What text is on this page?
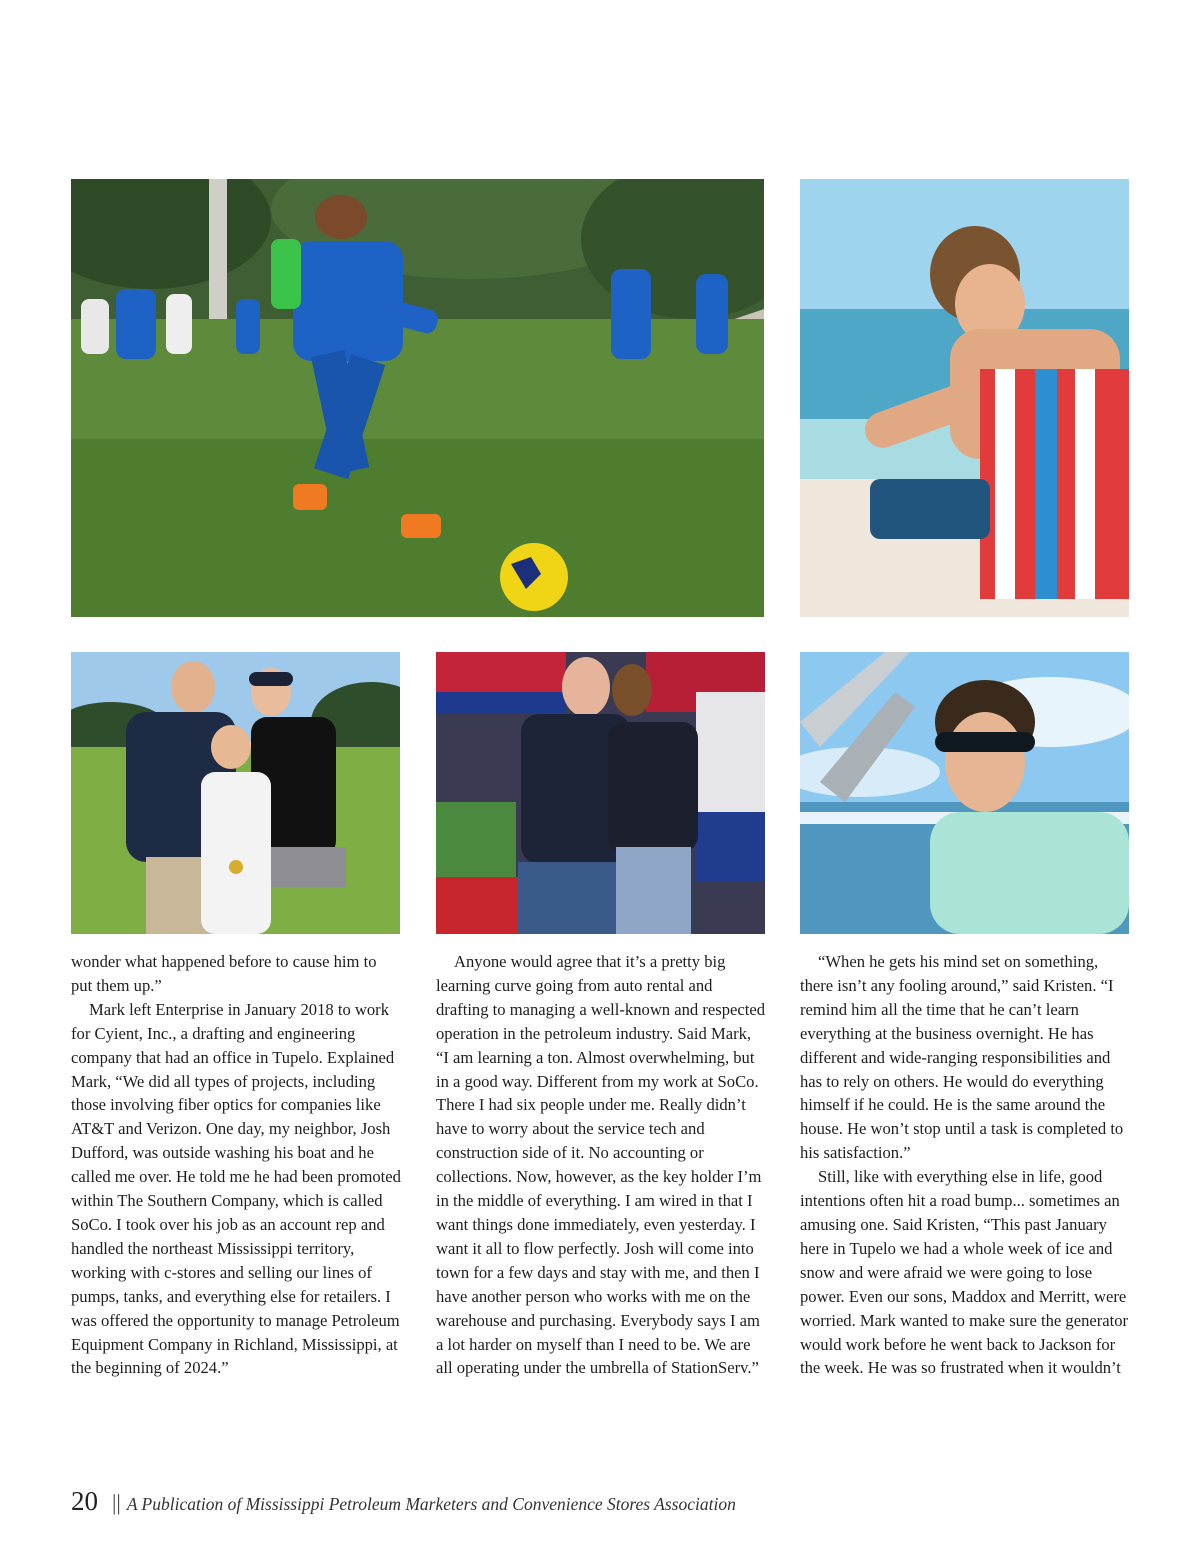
wonder what happened before to cause him to put them up.”

Mark left Enterprise in January 2018 to work for Cyient, Inc., a drafting and engineering company that had an office in Tupelo. Explained Mark, “We did all types of projects, including those involving fiber optics for companies like AT&T and Verizon. One day, my neighbor, Josh Dufford, was outside washing his boat and he called me over. He told me he had been promoted within The Southern Company, which is called SoCo. I took over his job as an account rep and handled the northeast Mississippi territory, working with c-stores and selling our lines of pumps, tanks, and everything else for retailers. I was offered the opportunity to manage Petroleum Equipment Company in Richland, Mississippi, at the beginning of 2024.”

Anyone would agree that it’s a pretty big learning curve going from auto rental and drafting to managing a well-known and respected operation in the petroleum industry. Said Mark, “I am learning a ton. Almost overwhelming, but in a good way. Different from my work at SoCo. There I had six people under me. Really didn’t have to worry about the service tech and construction side of it. No accounting or collections. Now, however, as the key holder I’m in the middle of everything. I am wired in that I want things done immediately, even yesterday. I want it all to flow perfectly. Josh will come into town for a few days and stay with me, and then I have another person who works with me on the warehouse and purchasing. Everybody says I am a lot harder on myself than I need to be. We are all operating under the umbrella of StationServ.”

“When he gets his mind set on something, there isn’t any fooling around,” said Kristen. “I remind him all the time that he can’t learn everything at the business overnight. He has different and wide-ranging responsibilities and has to rely on others. He would do everything himself if he could. He is the same around the house. He won’t stop until a task is completed to his satisfaction.”

Still, like with everything else in life, good intentions often hit a road bump... sometimes an amusing one. Said Kristen, “This past January here in Tupelo we had a whole week of ice and snow and were afraid we were going to lose power. Even our sons, Maddox and Merritt, were worried. Mark wanted to make sure the generator would work before he went back to Jackson for the week. He was so frustrated when it wouldn’t

20 || A Publication of Mississippi Petroleum Marketers and Convenience Stores Association
